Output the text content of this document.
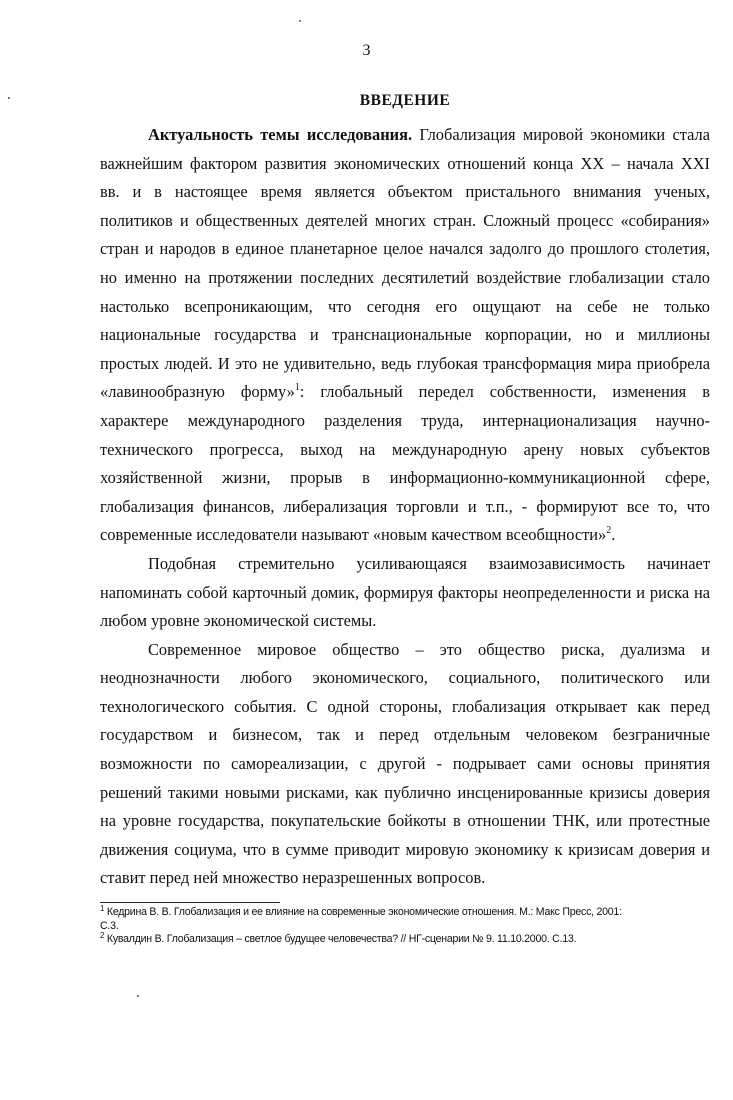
3
ВВЕДЕНИЕ
Актуальность темы исследования. Глобализация мировой экономики стала
важнейшим фактором развития экономических отношений конца XX – начала XXI
вв. и в настоящее время является объектом пристального внимания ученых,
политиков и общественных деятелей многих стран. Сложный процесс «собирания»
стран и народов в единое планетарное целое начался задолго до прошлого столетия,
но именно на протяжении последних десятилетий воздействие глобализации стало
настолько всепроникающим, что сегодня его ощущают на себе не только
национальные государства и транснациональные корпорации, но и миллионы
простых людей. И это не удивительно, ведь глубокая трансформация мира приобрела
«лавинообразную форму»$^1$: глобальный передел собственности, изменения в
характере международного разделения труда, интернационализация научно-
технического прогресса, выход на международную арену новых субъектов
хозяйственной жизни, прорыв в информационно-коммуникационной сфере,
глобализация финансов, либерализация торговли и т.п., - формируют все то, что
современные исследователи называют «новым качеством всеобщности»$^2$.
Подобная стремительно усиливающаяся взаимозависимость начинает
напоминать собой карточный домик, формируя факторы неопределенности и риска на
любом уровне экономической системы.
Современное мировое общество – это общество риска, дуализма и
неоднозначности любого экономического, социального, политического или
технологического события. С одной стороны, глобализация открывает как перед
государством и бизнесом, так и перед отдельным человеком безграничные
возможности по самореализации, с другой - подрывает сами основы принятия
решений такими новыми рисками, как публично инсценированные кризисы доверия
на уровне государства, покупательские бойкоты в отношении ТНК, или протестные
движения социума, что в сумме приводит мировую экономику к кризисам доверия и
ставит перед ней множество неразрешенных вопросов.
$^1$ Кедрина В. В. Глобализация и ее влияние на современные экономические отношения. М.: Макс Пресс, 2001:
С.3.
$^2$ Кувалдин В. Глобализация – светлое будущее человечества? // НГ-сценарии № 9. 11.10.2000. С.13.
